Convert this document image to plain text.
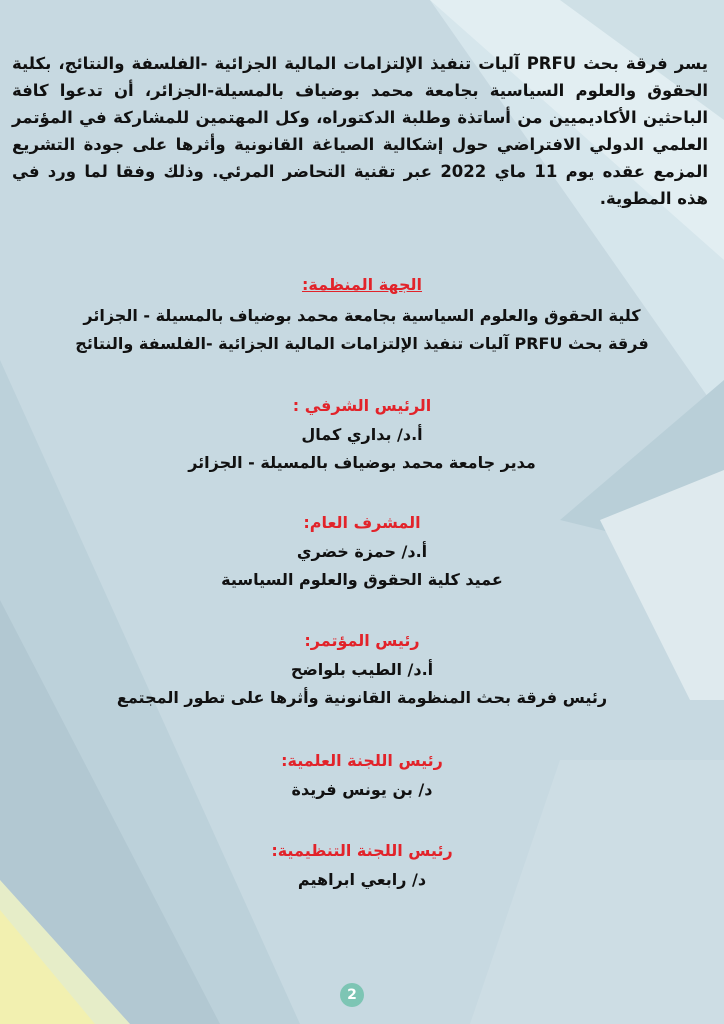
يسر فرقة بحث PRFU آليات تنفيذ الإلتزامات المالية الجزائية -الفلسفة والنتائج، بكلية الحقوق والعلوم السياسية بجامعة محمد بوضياف بالمسيلة-الجزائر، أن تدعوا كافة الباحثين الأكاديميين من أساتذة وطلبة الدكتوراه، وكل المهتمين للمشاركة في المؤتمر العلمي الدولي الافتراضي حول إشكالية الصياغة القانونية وأثرها على جودة التشريع المزمع عقده يوم 11 ماي 2022 عبر تقنية التحاضر المرئي. وذلك وفقا لما ورد في هذه المطوية.

الجهة المنظمة:
كلية الحقوق والعلوم السياسية بجامعة محمد بوضياف بالمسيلة - الجزائر
فرقة بحث PRFU آليات تنفيذ الإلتزامات المالية الجزائية -الفلسفة والنتائج
الرئيس الشرفي :
أ.د/ بداري كمال
مدير جامعة محمد بوضياف بالمسيلة - الجزائر
المشرف العام:
أ.د/ حمزة خضري
عميد كلية الحقوق والعلوم السياسية
رئيس المؤتمر:
أ.د/ الطيب بلواضح
رئيس فرقة بحث المنظومة القانونية وأثرها على تطور المجتمع
رئيس اللجنة العلمية:
د/ بن يونس فريدة
رئيس اللجنة التنظيمية:
د/ رابعي ابراهيم
2
